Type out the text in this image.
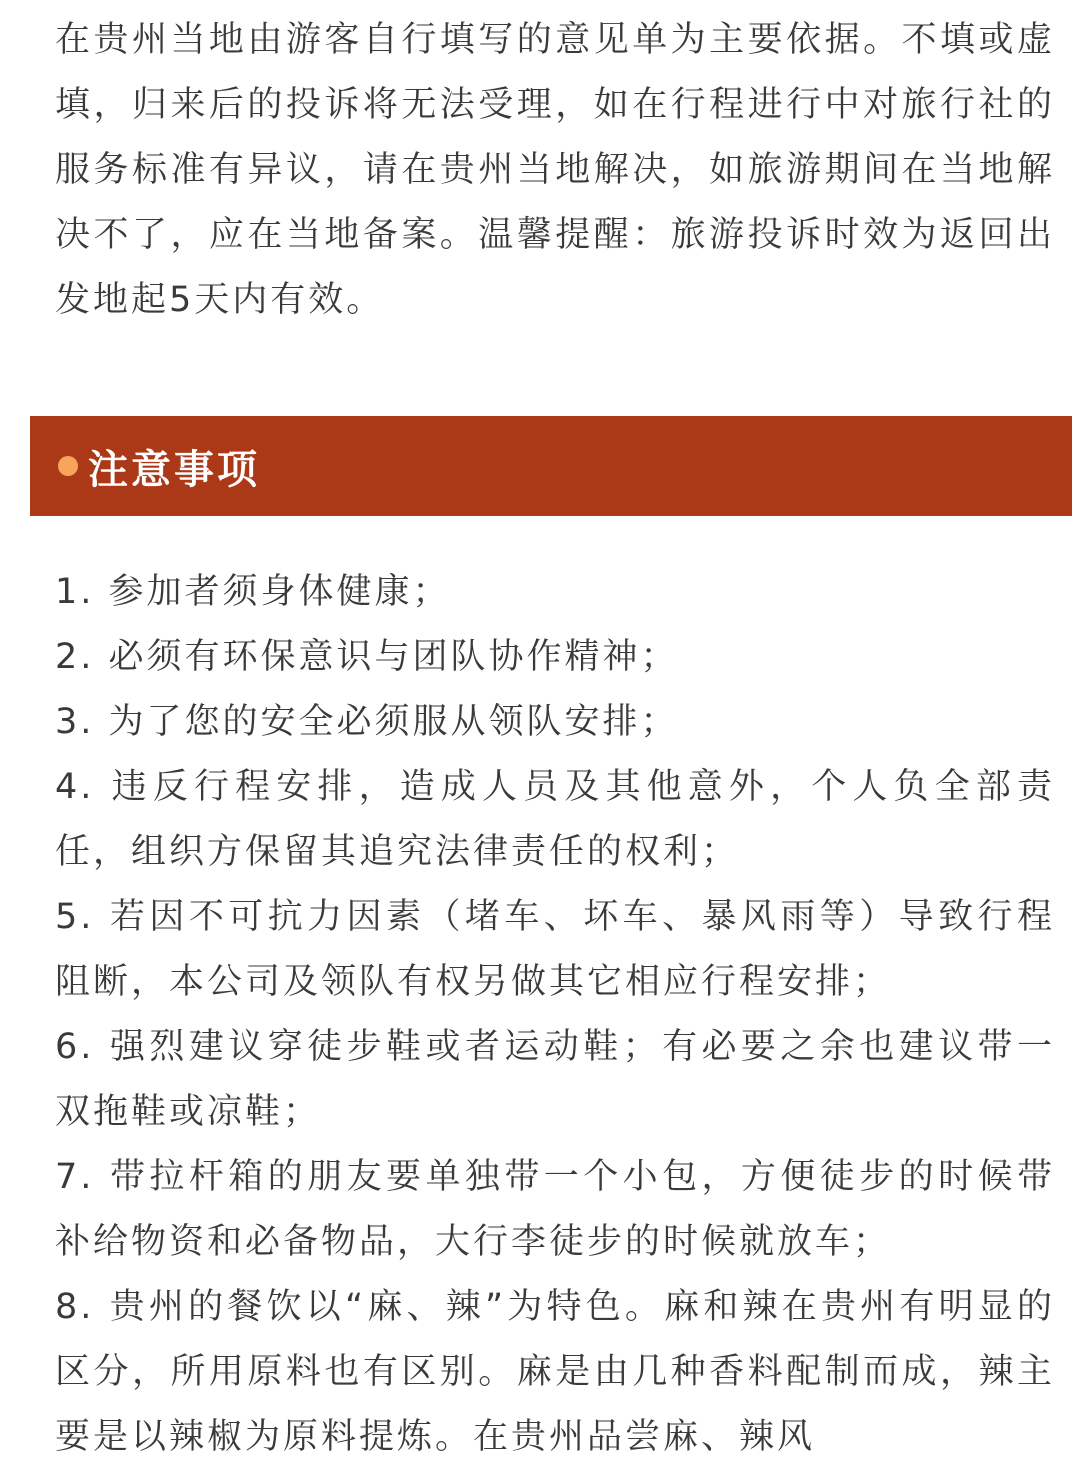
在贵州当地由游客自行填写的意见单为主要依据。不填或虚填，归来后的投诉将无法受理，如在行程进行中对旅行社的服务标准有异议，请在贵州当地解决，如旅游期间在当地解决不了，应在当地备案。温馨提醒：旅游投诉时效为返回出发地起5天内有效。

注意事项
1. 参加者须身体健康；
2. 必须有环保意识与团队协作精神；
3. 为了您的安全必须服从领队安排；
4. 违反行程安排，造成人员及其他意外，个人负全部责任，组织方保留其追究法律责任的权利；
5. 若因不可抗力因素（堵车、坏车、暴风雨等）导致行程阻断，本公司及领队有权另做其它相应行程安排；
6. 强烈建议穿徒步鞋或者运动鞋；有必要之余也建议带一双拖鞋或凉鞋；
7. 带拉杆箱的朋友要单独带一个小包，方便徒步的时候带补给物资和必备物品，大行李徒步的时候就放车；
8. 贵州的餐饮以“麻、辣”为特色。麻和辣在贵州有明显的区分，所用原料也有区别。麻是由几种香料配制而成，辣主要是以辣椒为原料提炼。在贵州品尝麻、辣风
